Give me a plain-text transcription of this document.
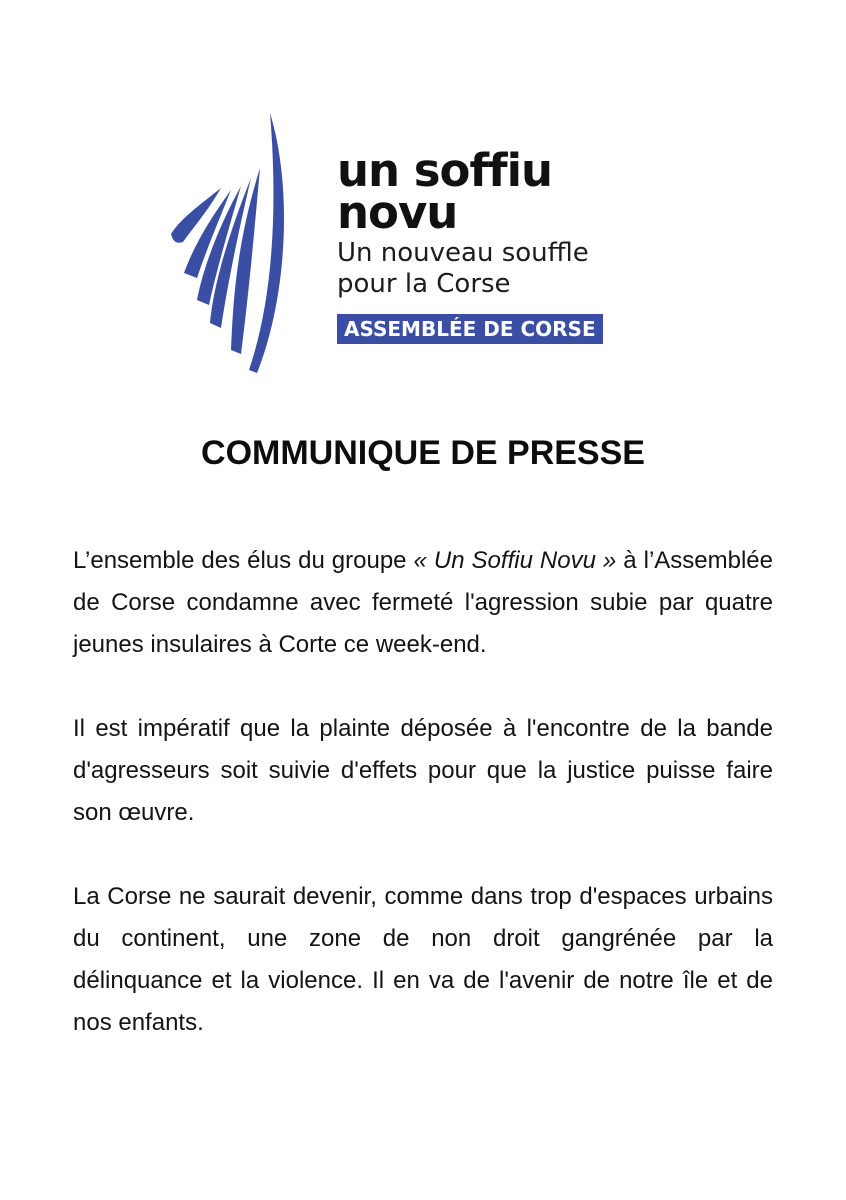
un soffiu
novu
Un nouveau souffle
pour la Corse
ASSEMBLÉE DE CORSE
COMMUNIQUE DE PRESSE

L’ensemble des élus du groupe « Un Soffiu Novu » à l’Assemblée de Corse condamne avec fermeté l'agression subie par quatre jeunes insulaires à Corte ce week-end.

Il est impératif que la plainte déposée à l'encontre de la bande d'agresseurs soit suivie d'effets pour que la justice puisse faire son œuvre.

La Corse ne saurait devenir, comme dans trop d'espaces urbains du continent, une zone de non droit gangrénée par la délinquance et la violence. Il en va de l'avenir de notre île et de nos enfants.
